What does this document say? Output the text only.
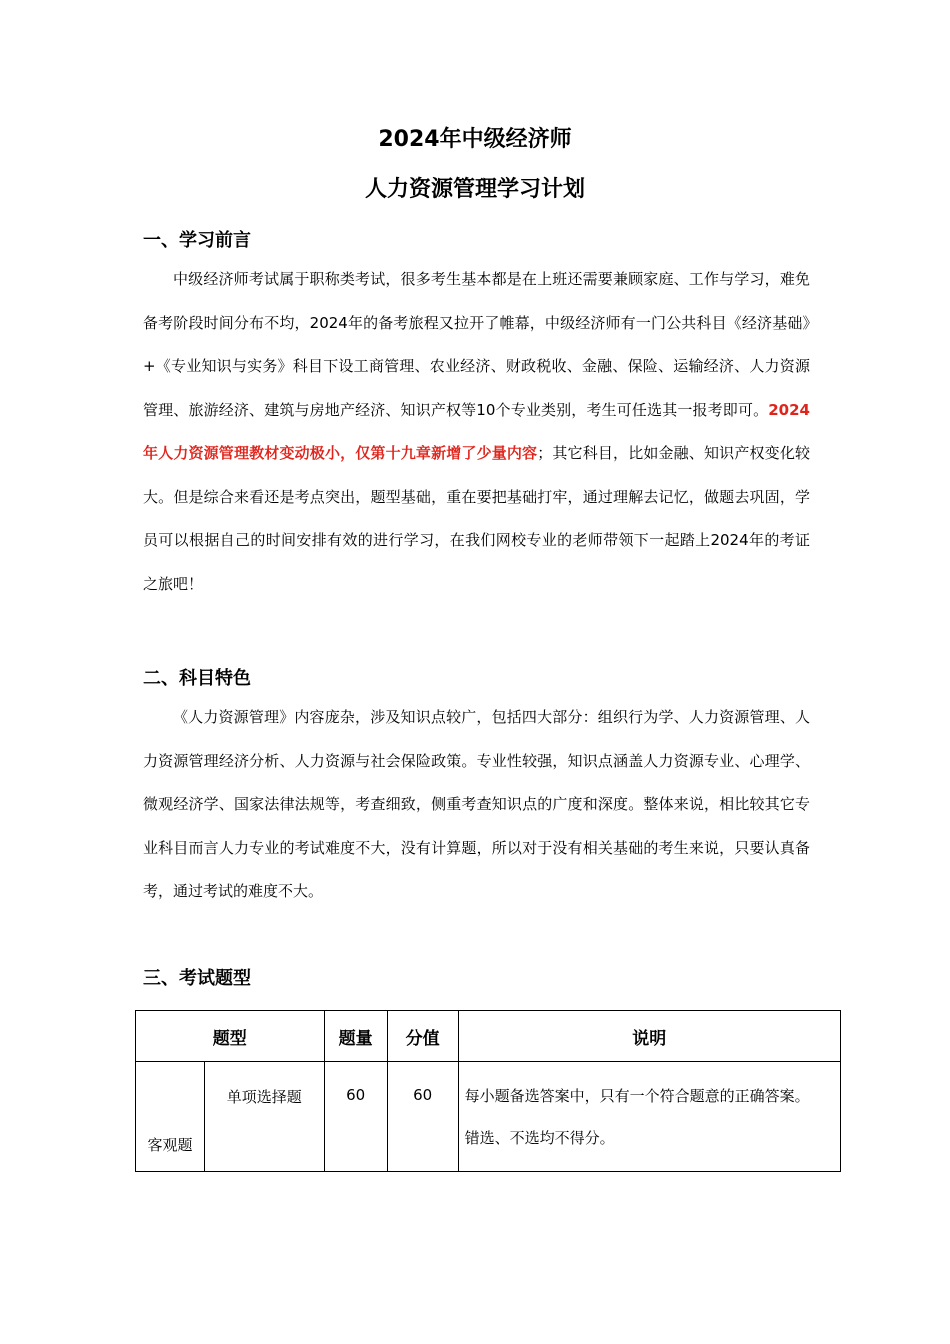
2024年中级经济师
人力资源管理学习计划
一、学习前言

中级经济师考试属于职称类考试，很多考生基本都是在上班还需要兼顾家庭、工作与学习，难免备考阶段时间分布不均，2024年的备考旅程又拉开了帷幕，中级经济师有一门公共科目《经济基础》+《专业知识与实务》科目下设工商管理、农业经济、财政税收、金融、保险、运输经济、人力资源管理、旅游经济、建筑与房地产经济、知识产权等10个专业类别，考生可任选其一报考即可。2024年人力资源管理教材变动极小，仅第十九章新增了少量内容；其它科目，比如金融、知识产权变化较大。但是综合来看还是考点突出，题型基础，重在要把基础打牢，通过理解去记忆，做题去巩固，学员可以根据自己的时间安排有效的进行学习，在我们网校专业的老师带领下一起踏上2024年的考证之旅吧！

二、科目特色

《人力资源管理》内容庞杂，涉及知识点较广，包括四大部分：组织行为学、人力资源管理、人力资源管理经济分析、人力资源与社会保险政策。专业性较强，知识点涵盖人力资源专业、心理学、微观经济学、国家法律法规等，考查细致，侧重考查知识点的广度和深度。整体来说，相比较其它专业科目而言人力专业的考试难度不大，没有计算题，所以对于没有相关基础的考生来说，只要认真备考，通过考试的难度不大。

三、考试题型
题型		题量	分值	说明
客观题	单项选择题	60	60	每小题备选答案中，只有一个符合题意的正确答案。
错选、不选均不得分。
